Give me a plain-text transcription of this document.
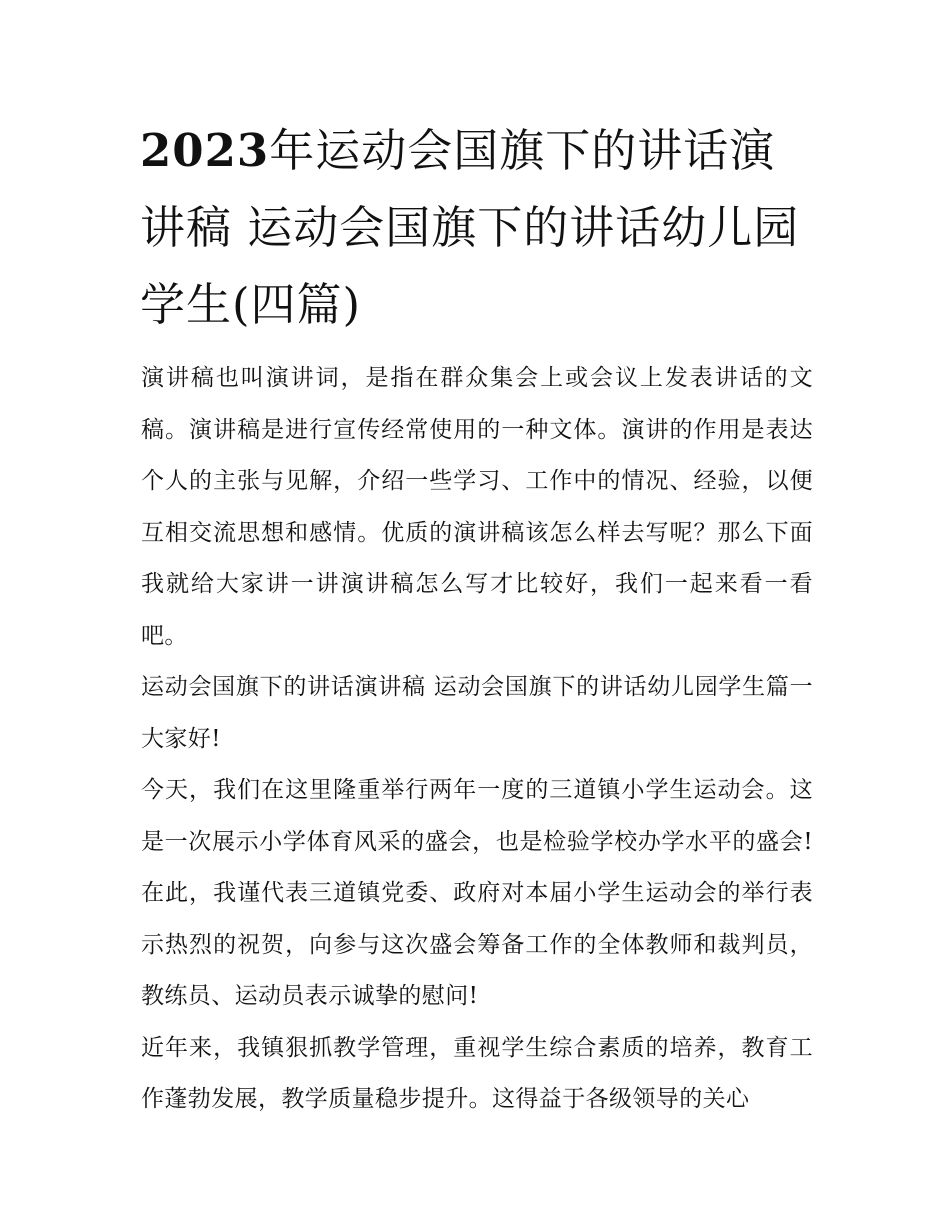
2023年运动会国旗下的讲话演讲稿 运动会国旗下的讲话幼儿园学生(四篇)

演讲稿也叫演讲词，是指在群众集会上或会议上发表讲话的文稿。演讲稿是进行宣传经常使用的一种文体。演讲的作用是表达个人的主张与见解，介绍一些学习、工作中的情况、经验，以便互相交流思想和感情。优质的演讲稿该怎么样去写呢？那么下面我就给大家讲一讲演讲稿怎么写才比较好，我们一起来看一看吧。

运动会国旗下的讲话演讲稿 运动会国旗下的讲话幼儿园学生篇一 大家好!

今天，我们在这里隆重举行两年一度的三道镇小学生运动会。这是一次展示小学体育风采的盛会，也是检验学校办学水平的盛会!在此，我谨代表三道镇党委、政府对本届小学生运动会的举行表示热烈的祝贺，向参与这次盛会筹备工作的全体教师和裁判员，教练员、运动员表示诚挚的慰问!

近年来，我镇狠抓教学管理，重视学生综合素质的培养，教育工作蓬勃发展，教学质量稳步提升。这得益于各级领导的关心
